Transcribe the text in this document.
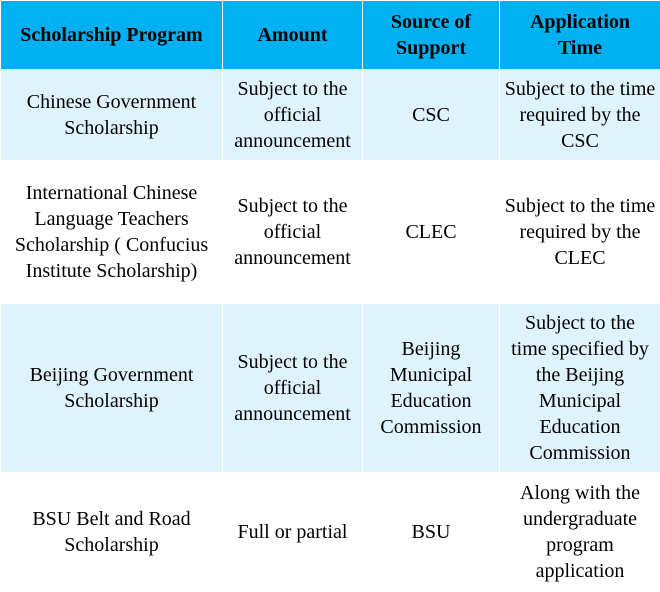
Scholarship Program	Amount	Source of Support	Application Time

Chinese Government Scholarship	Subject to the official announcement	CSC	Subject to the time required by the CSC
International Chinese Language Teachers Scholarship ( Confucius Institute Scholarship)	Subject to the official announcement	CLEC	Subject to the time required by the CLEC

Beijing Government Scholarship	Subject to the official announcement	Beijing Municipal Education Commission	Subject to the time specified by the Beijing Municipal Education Commission

BSU Belt and Road Scholarship	Full or partial	BSU	Along with the undergraduate program application
